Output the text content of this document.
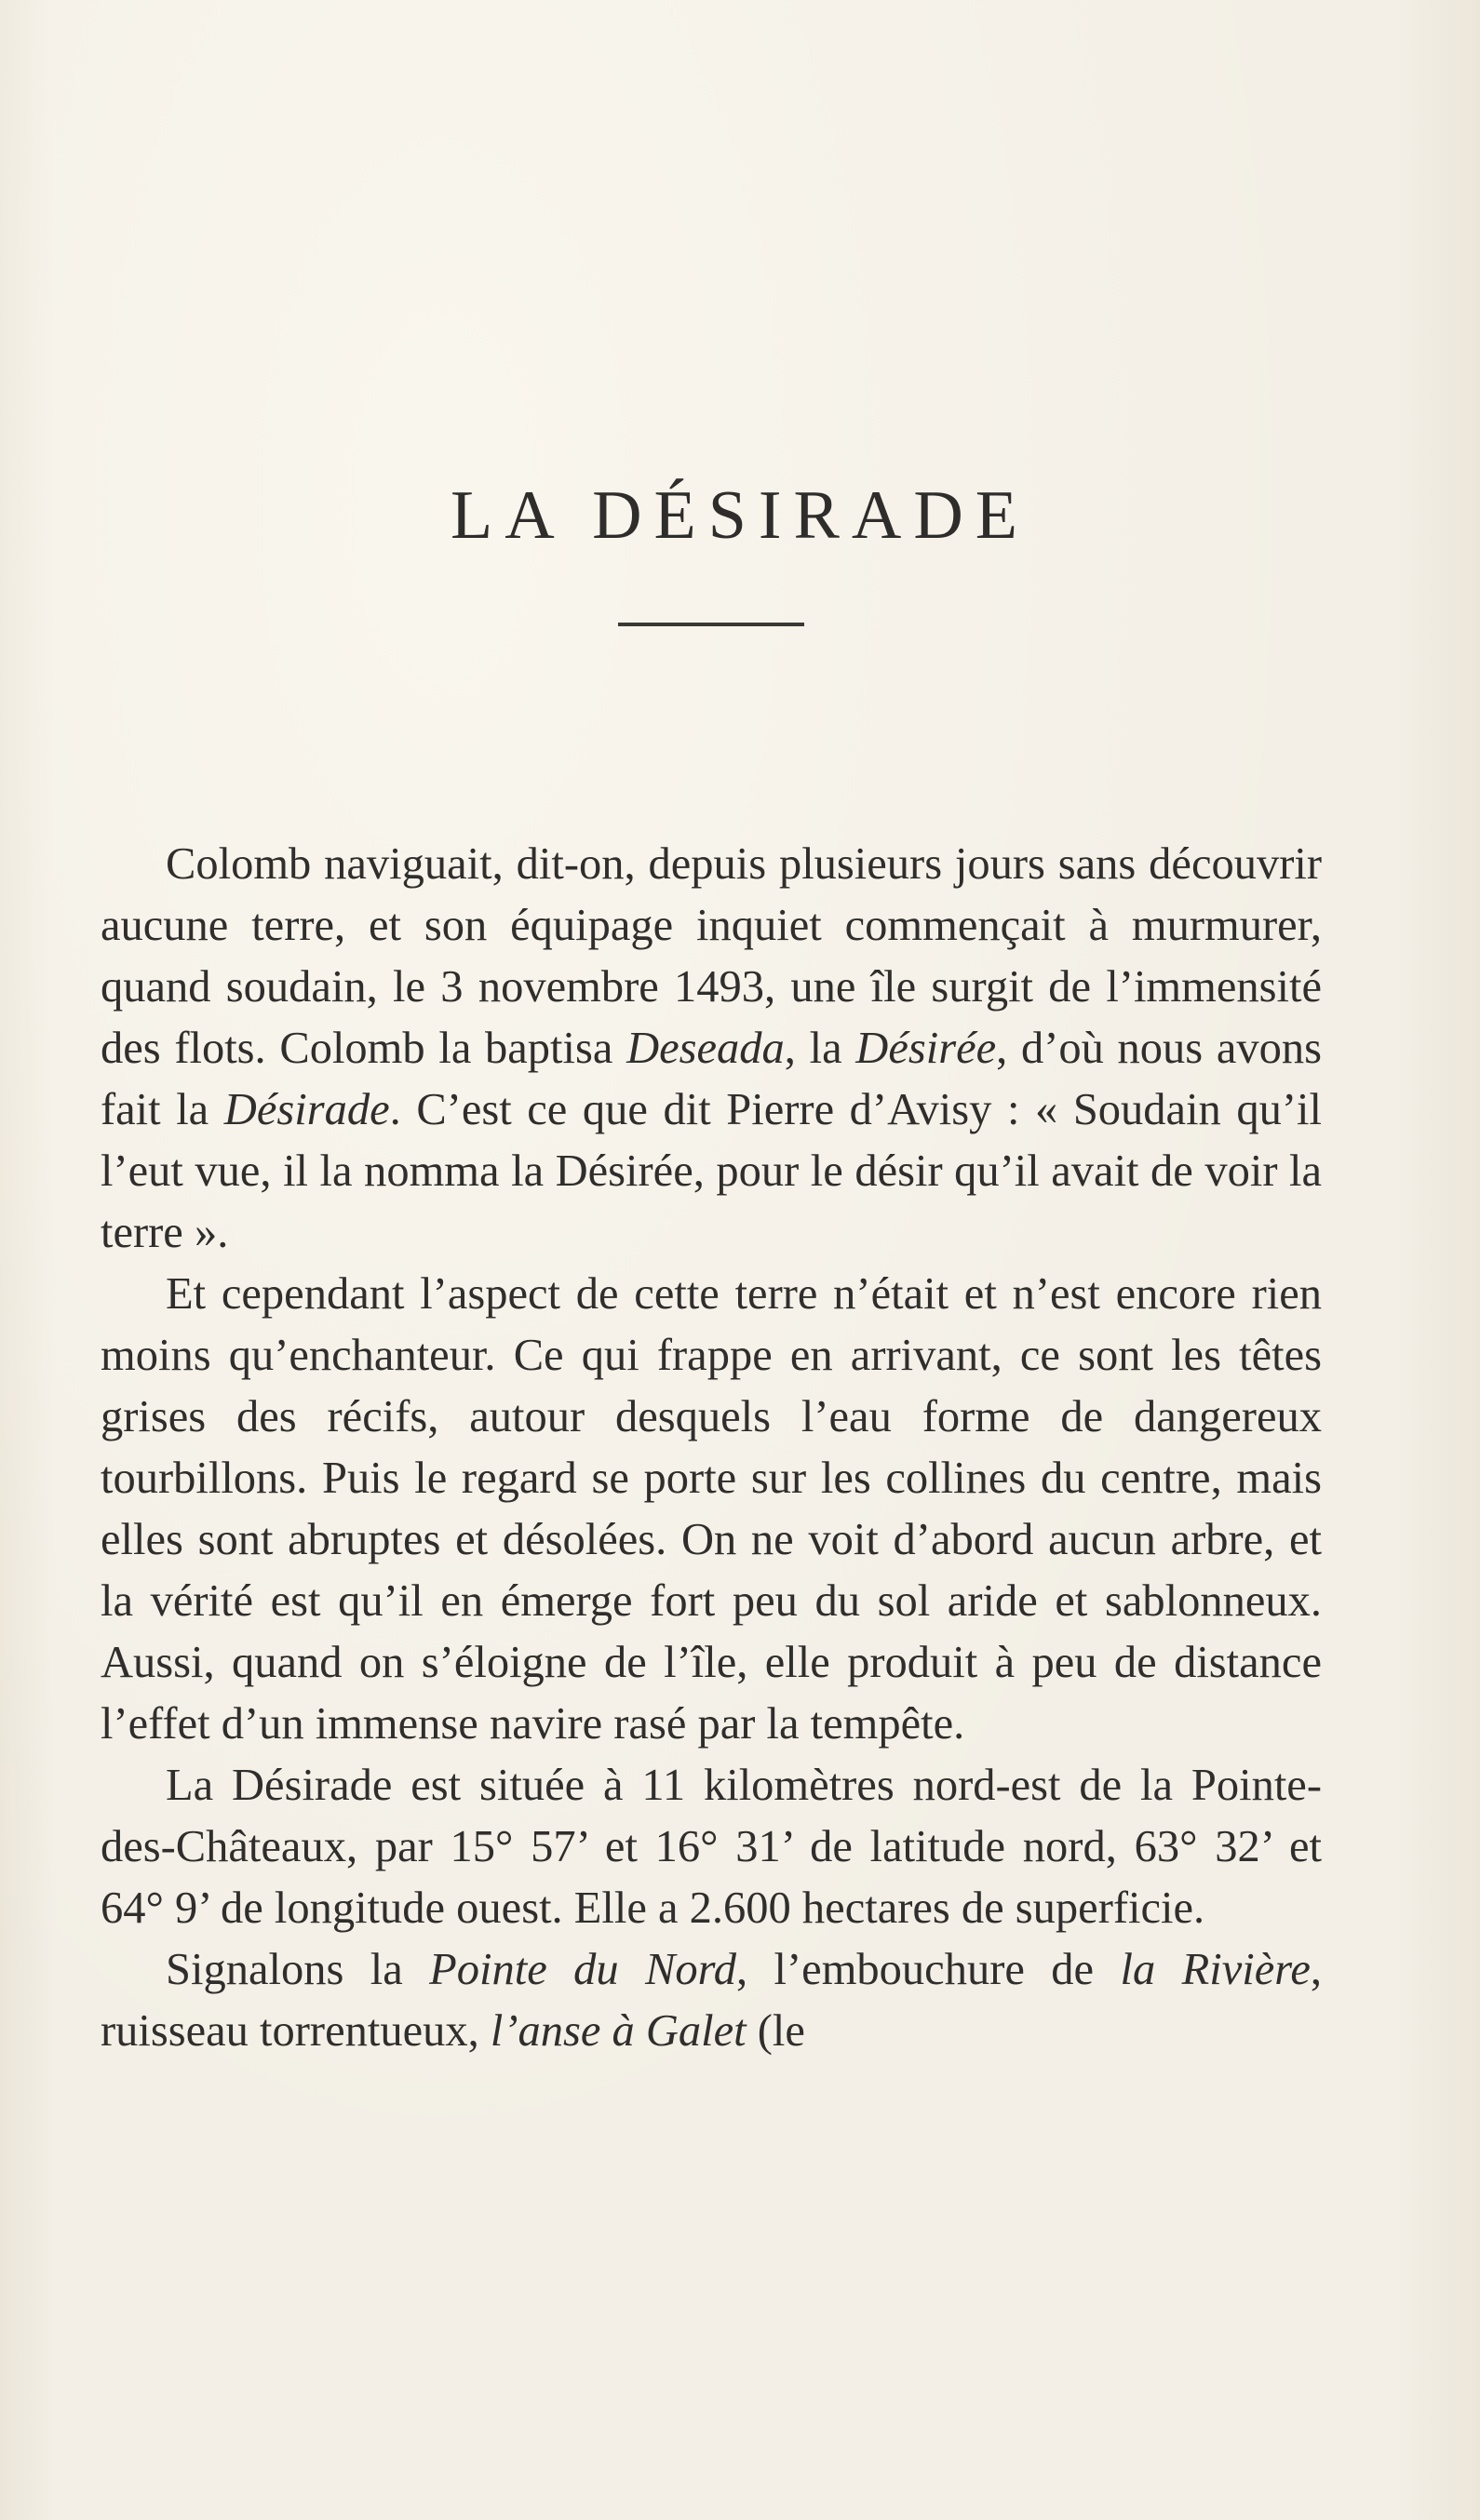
LA DÉSIRADE

Colomb naviguait, dit-on, depuis plusieurs jours sans découvrir aucune terre, et son équipage inquiet commençait à murmurer, quand soudain, le 3 novembre 1493, une île surgit de l’immensité des flots. Colomb la baptisa Deseada, la Désirée, d’où nous avons fait la Désirade. C’est ce que dit Pierre d’Avisy : « Soudain qu’il l’eut vue, il la nomma la Désirée, pour le désir qu’il avait de voir la terre ».

Et cependant l’aspect de cette terre n’était et n’est encore rien moins qu’enchanteur. Ce qui frappe en arrivant, ce sont les têtes grises des récifs, autour desquels l’eau forme de dangereux tourbillons. Puis le regard se porte sur les collines du centre, mais elles sont abruptes et désolées. On ne voit d’abord aucun arbre, et la vérité est qu’il en émerge fort peu du sol aride et sablonneux. Aussi, quand on s’éloigne de l’île, elle produit à peu de distance l’effet d’un immense navire rasé par la tempête.

La Désirade est située à 11 kilomètres nord-est de la Pointe-des-Châteaux, par 15° 57’ et 16° 31’ de latitude nord, 63° 32’ et 64° 9’ de longitude ouest. Elle a 2.600 hectares de superficie.

Signalons la Pointe du Nord, l’embouchure de la Rivière, ruisseau torrentueux, l’anse à Galet (le
